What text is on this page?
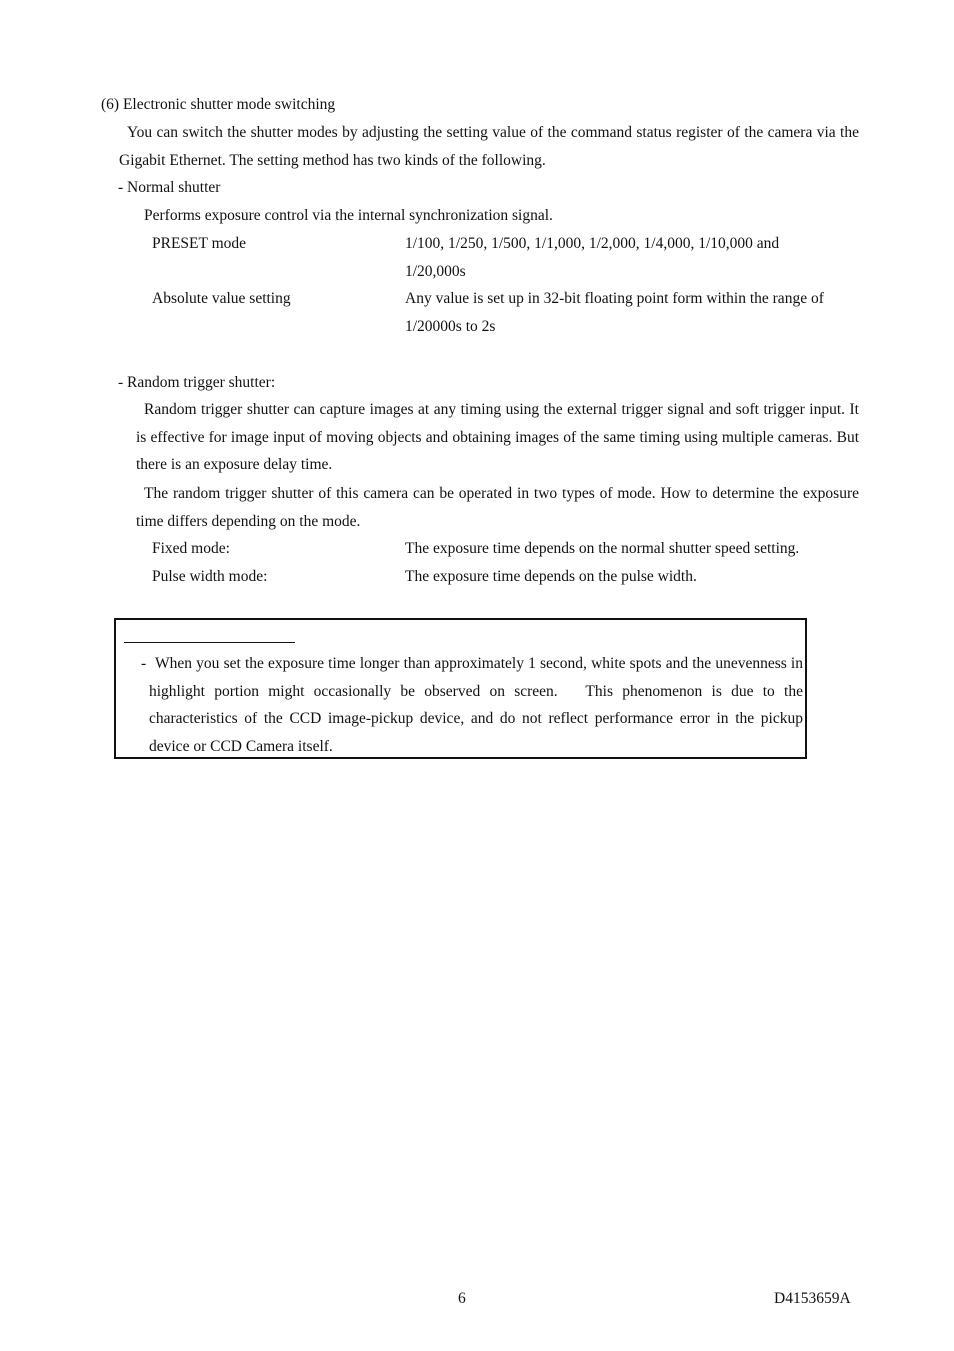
(6) Electronic shutter mode switching
You can switch the shutter modes by adjusting the setting value of the command status register of the camera via the Gigabit Ethernet. The setting method has two kinds of the following.
- Normal shutter
Performs exposure control via the internal synchronization signal.
PRESET mode	1/100, 1/250, 1/500, 1/1,000, 1/2,000, 1/4,000, 1/10,000 and 1/20,000s
Absolute value setting	Any value is set up in 32-bit floating point form within the range of 1/20000s to 2s
- Random trigger shutter:
Random trigger shutter can capture images at any timing using the external trigger signal and soft trigger input. It is effective for image input of moving objects and obtaining images of the same timing using multiple cameras. But there is an exposure delay time.
The random trigger shutter of this camera can be operated in two types of mode. How to determine the exposure time differs depending on the mode.
Fixed mode:	The exposure time depends on the normal shutter speed setting.
Pulse width mode:	The exposure time depends on the pulse width.
- When you set the exposure time longer than approximately 1 second, white spots and the unevenness in highlight portion might occasionally be observed on screen.   This phenomenon is due to the characteristics of the CCD image-pickup device, and do not reflect performance error in the pickup device or CCD Camera itself.
6	D4153659A
